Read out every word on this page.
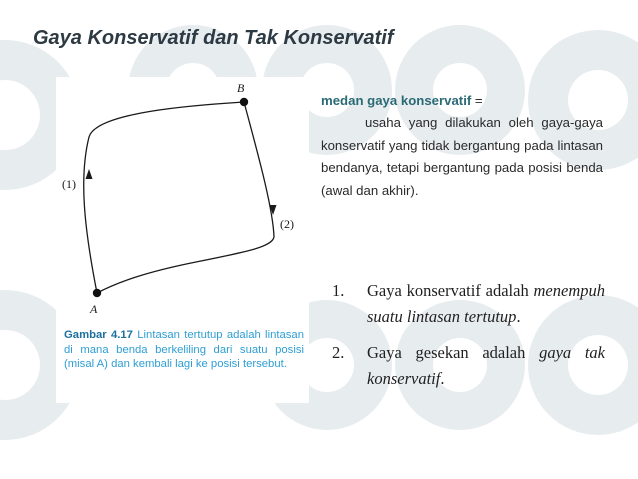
Gaya Konservatif dan Tak Konservatif
B
A
(1)
(2)
Gambar 4.17 Lintasan tertutup adalah lintasan di mana benda berkeliling dari suatu posisi (misal A) dan kembali lagi ke posisi tersebut.
medan gaya konservatif =
usaha yang dilakukan oleh gaya-gaya konservatif yang tidak bergantung pada lintasan bendanya, tetapi bergantung pada posisi benda (awal dan akhir).
1. Gaya konservatif adalah menempuh suatu lintasan tertutup.
2. Gaya gesekan adalah gaya tak konservatif.
